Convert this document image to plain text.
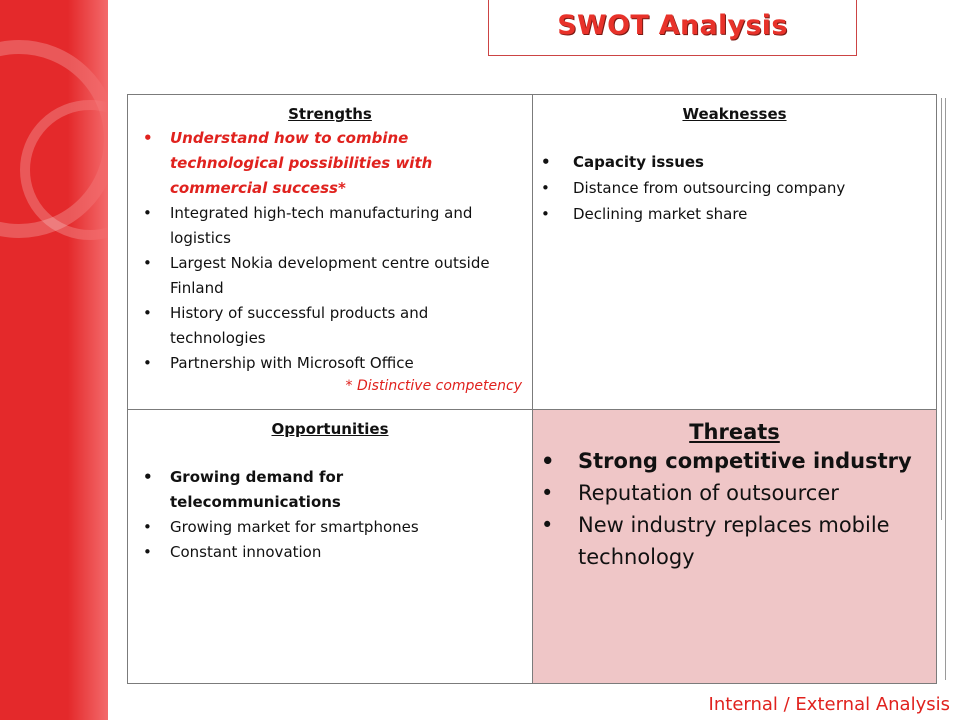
SWOT Analysis
Strengths
• Understand how to combine technological possibilities with commercial success*
• Integrated high-tech manufacturing and logistics
• Largest Nokia development centre outside Finland
• History of successful products and technologies
• Partnership with Microsoft Office
* Distinctive competency
Weaknesses
• Capacity issues
• Distance from outsourcing company
• Declining market share
Opportunities
• Growing demand for telecommunications
• Growing market for smartphones
• Constant innovation
Threats
• Strong competitive industry
• Reputation of outsourcer
• New industry replaces mobile technology
Internal / External Analysis
